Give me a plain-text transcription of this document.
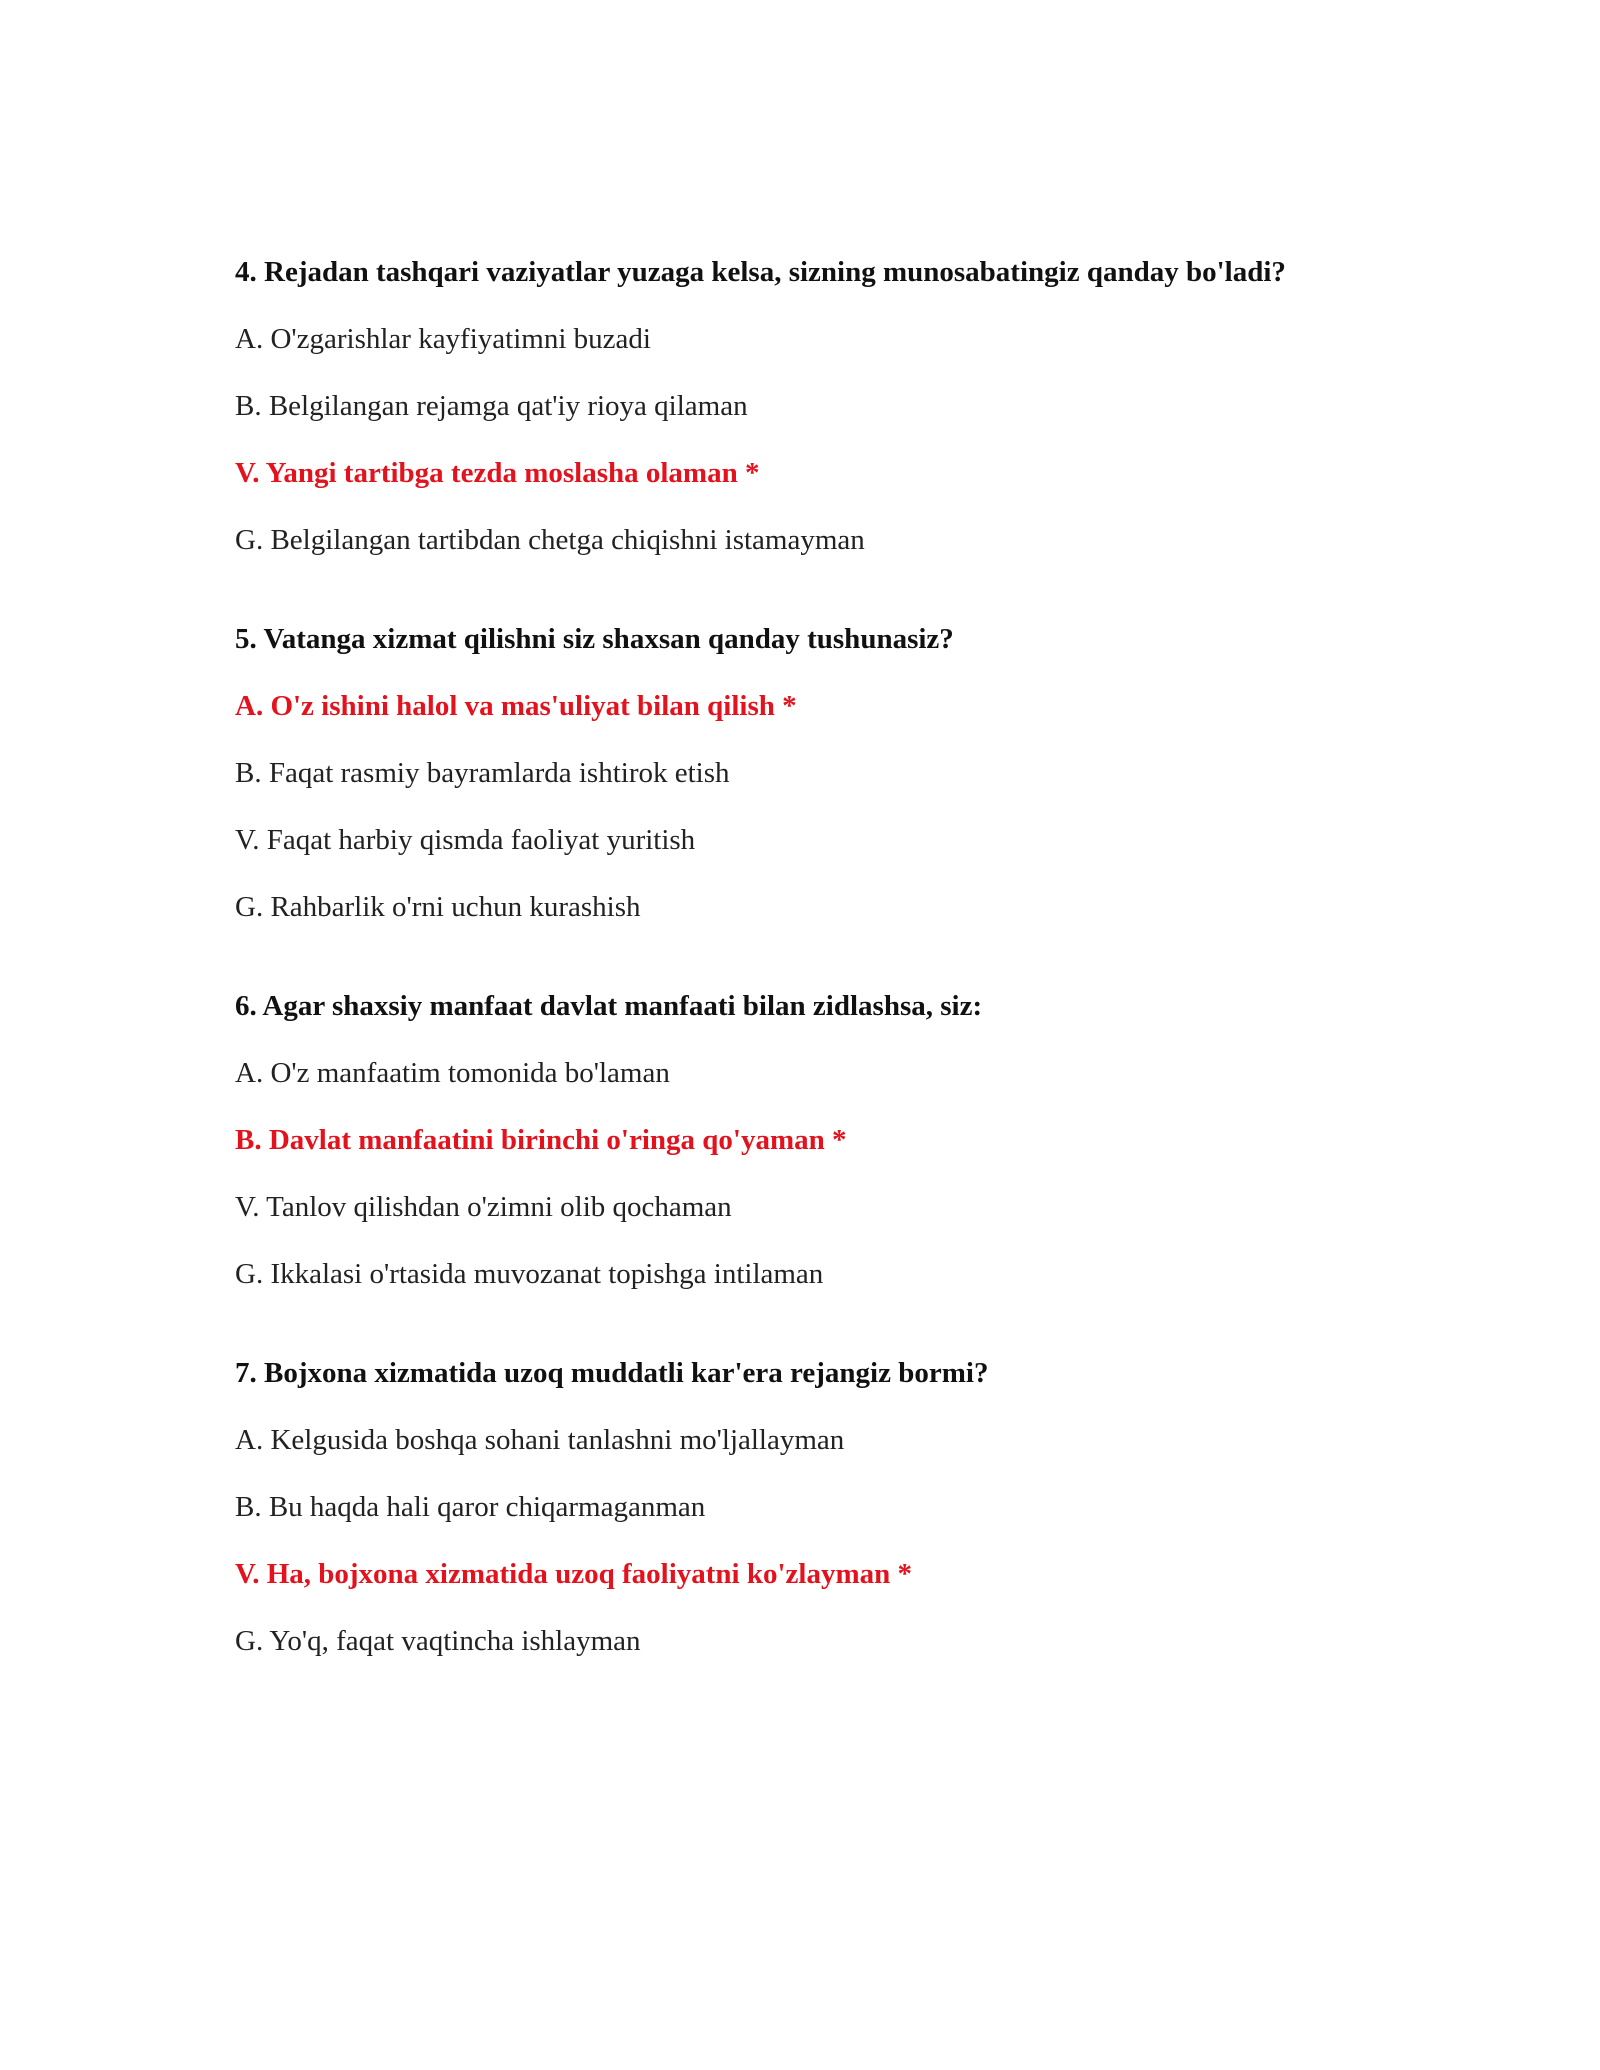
4. Rejadan tashqari vaziyatlar yuzaga kelsa, sizning munosabatingiz qanday bo'ladi?

A. O'zgarishlar kayfiyatimni buzadi

B. Belgilangan rejamga qat'iy rioya qilaman

V. Yangi tartibga tezda moslasha olaman *

G. Belgilangan tartibdan chetga chiqishni istamayman

5. Vatanga xizmat qilishni siz shaxsan qanday tushunasiz?

A. O'z ishini halol va mas'uliyat bilan qilish *

B. Faqat rasmiy bayramlarda ishtirok etish

V. Faqat harbiy qismda faoliyat yuritish

G. Rahbarlik o'rni uchun kurashish

6. Agar shaxsiy manfaat davlat manfaati bilan zidlashsa, siz:

A. O'z manfaatim tomonida bo'laman

B. Davlat manfaatini birinchi o'ringa qo'yaman *

V. Tanlov qilishdan o'zimni olib qochaman

G. Ikkalasi o'rtasida muvozanat topishga intilaman

7. Bojxona xizmatida uzoq muddatli kar'era rejangiz bormi?

A. Kelgusida boshqa sohani tanlashni mo'ljallayman

B. Bu haqda hali qaror chiqarmaganman

V. Ha, bojxona xizmatida uzoq faoliyatni ko'zlayman *

G. Yo'q, faqat vaqtincha ishlayman
